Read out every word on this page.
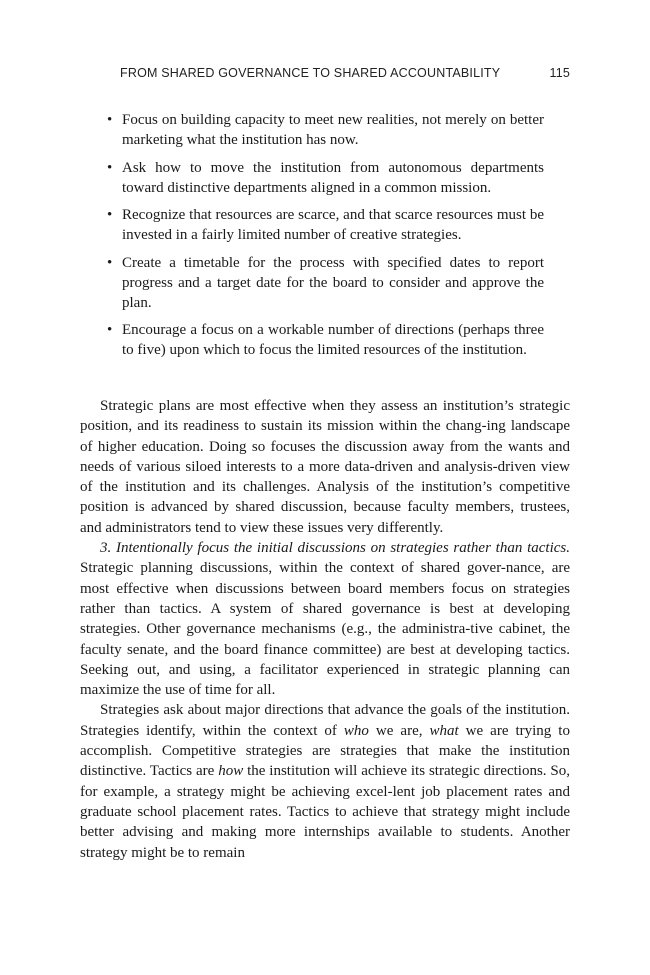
FROM SHARED GOVERNANCE TO SHARED ACCOUNTABILITY	115
• Focus on building capacity to meet new realities, not merely on better marketing what the institution has now.
• Ask how to move the institution from autonomous departments toward distinctive departments aligned in a common mission.
• Recognize that resources are scarce, and that scarce resources must be invested in a fairly limited number of creative strategies.
• Create a timetable for the process with specified dates to report progress and a target date for the board to consider and approve the plan.
• Encourage a focus on a workable number of directions (perhaps three to five) upon which to focus the limited resources of the institution.

Strategic plans are most effective when they assess an institution’s strategic position, and its readiness to sustain its mission within the chang-ing landscape of higher education. Doing so focuses the discussion away from the wants and needs of various siloed interests to a more data-driven and analysis-driven view of the institution and its challenges. Analysis of the institution’s competitive position is advanced by shared discussion, because faculty members, trustees, and administrators tend to view these issues very differently.

3. Intentionally focus the initial discussions on strategies rather than tactics. Strategic planning discussions, within the context of shared gover-nance, are most effective when discussions between board members focus on strategies rather than tactics. A system of shared governance is best at developing strategies. Other governance mechanisms (e.g., the administra-tive cabinet, the faculty senate, and the board finance committee) are best at developing tactics. Seeking out, and using, a facilitator experienced in strategic planning can maximize the use of time for all.

Strategies ask about major directions that advance the goals of the institution. Strategies identify, within the context of who we are, what we are trying to accomplish. Competitive strategies are strategies that make the institution distinctive. Tactics are how the institution will achieve its strategic directions. So, for example, a strategy might be achieving excel-lent job placement rates and graduate school placement rates. Tactics to achieve that strategy might include better advising and making more internships available to students. Another strategy might be to remain
